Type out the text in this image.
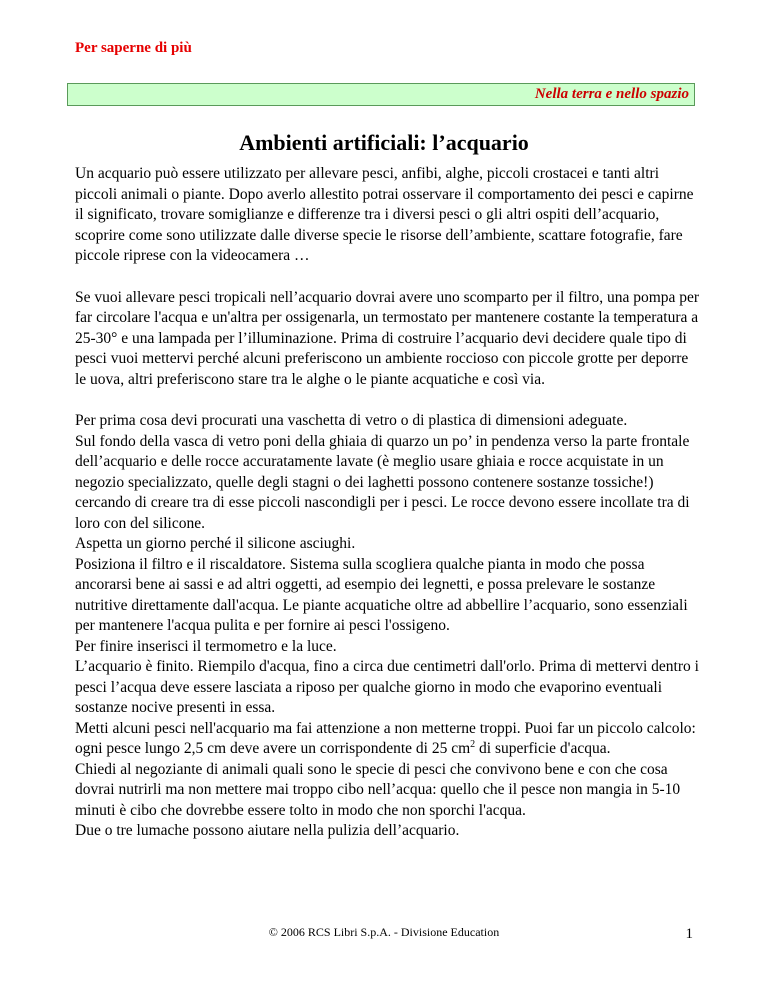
Per saperne di più
Nella terra e nello spazio
Ambienti artificiali: l’acquario

Un acquario può essere utilizzato per allevare pesci, anfibi, alghe, piccoli crostacei e tanti altri piccoli animali o piante. Dopo averlo allestito potrai osservare il comportamento dei pesci e capirne il significato, trovare somiglianze e differenze tra i diversi pesci o gli altri ospiti dell’acquario, scoprire come sono utilizzate dalle diverse specie le risorse dell’ambiente, scattare fotografie, fare piccole riprese con la videocamera …

Se vuoi allevare pesci tropicali nell’acquario dovrai avere uno scomparto per il filtro, una pompa per far circolare l'acqua e un'altra per ossigenarla, un termostato per mantenere costante la temperatura a 25-30° e una lampada per l’illuminazione. Prima di costruire l’acquario devi decidere quale tipo di pesci vuoi mettervi perché alcuni preferiscono un ambiente roccioso con piccole grotte per deporre le uova, altri preferiscono stare tra le alghe o le piante acquatiche e così via.

Per prima cosa devi procurati una vaschetta di vetro o di plastica di dimensioni adeguate.
Sul fondo della vasca di vetro poni della ghiaia di quarzo un po’ in pendenza verso la parte frontale dell’acquario e delle rocce accuratamente lavate (è meglio usare ghiaia e rocce acquistate in un negozio specializzato, quelle degli stagni o dei laghetti possono contenere sostanze tossiche!) cercando di creare tra di esse piccoli nascondigli per i pesci. Le rocce devono essere incollate tra di loro con del silicone.
Aspetta un giorno perché il silicone asciughi.
Posiziona il filtro e il riscaldatore. Sistema sulla scogliera qualche pianta in modo che possa ancorarsi bene ai sassi e ad altri oggetti, ad esempio dei legnetti, e possa prelevare le sostanze nutritive direttamente dall'acqua. Le piante acquatiche oltre ad abbellire l’acquario, sono essenziali per mantenere l'acqua pulita e per fornire ai pesci l'ossigeno.
Per finire inserisci il termometro e la luce.
L’acquario è finito. Riempilo d'acqua, fino a circa due centimetri dall'orlo. Prima di mettervi dentro i pesci l’acqua deve essere lasciata a riposo per qualche giorno in modo che evaporino eventuali sostanze nocive presenti in essa.
Metti alcuni pesci nell'acquario ma fai attenzione a non metterne troppi. Puoi far un piccolo calcolo: ogni pesce lungo 2,5 cm deve avere un corrispondente di 25 $cm^2$ di superficie d'acqua.
Chiedi al negoziante di animali quali sono le specie di pesci che convivono bene e con che cosa dovrai nutrirli ma non mettere mai troppo cibo nell’acqua: quello che il pesce non mangia in 5-10 minuti è cibo che dovrebbe essere tolto in modo che non sporchi l'acqua.
Due o tre lumache possono aiutare nella pulizia dell’acquario.

© 2006 RCS Libri S.p.A. - Divisione Education	1
